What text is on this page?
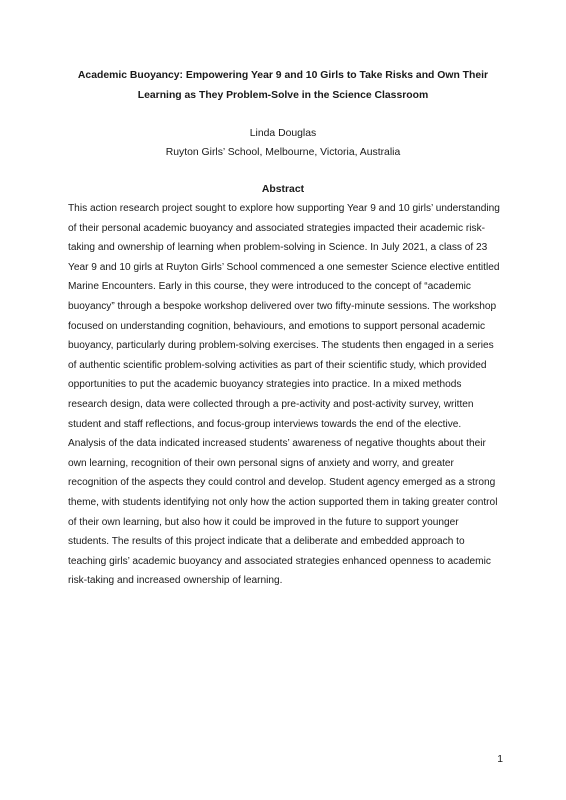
Academic Buoyancy: Empowering Year 9 and 10 Girls to Take Risks and Own Their Learning as They Problem-Solve in the Science Classroom
Linda Douglas
Ruyton Girls’ School, Melbourne, Victoria, Australia
Abstract

This action research project sought to explore how supporting Year 9 and 10 girls’ understanding of their personal academic buoyancy and associated strategies impacted their academic risk-taking and ownership of learning when problem-solving in Science. In July 2021, a class of 23 Year 9 and 10 girls at Ruyton Girls’ School commenced a one semester Science elective entitled Marine Encounters. Early in this course, they were introduced to the concept of “academic buoyancy” through a bespoke workshop delivered over two fifty-minute sessions. The workshop focused on understanding cognition, behaviours, and emotions to support personal academic buoyancy, particularly during problem-solving exercises. The students then engaged in a series of authentic scientific problem-solving activities as part of their scientific study, which provided opportunities to put the academic buoyancy strategies into practice. In a mixed methods research design, data were collected through a pre-activity and post-activity survey, written student and staff reflections, and focus-group interviews towards the end of the elective. Analysis of the data indicated increased students’ awareness of negative thoughts about their own learning, recognition of their own personal signs of anxiety and worry, and greater recognition of the aspects they could control and develop. Student agency emerged as a strong theme, with students identifying not only how the action supported them in taking greater control of their own learning, but also how it could be improved in the future to support younger students. The results of this project indicate that a deliberate and embedded approach to teaching girls’ academic buoyancy and associated strategies enhanced openness to academic risk-taking and increased ownership of learning.

1
